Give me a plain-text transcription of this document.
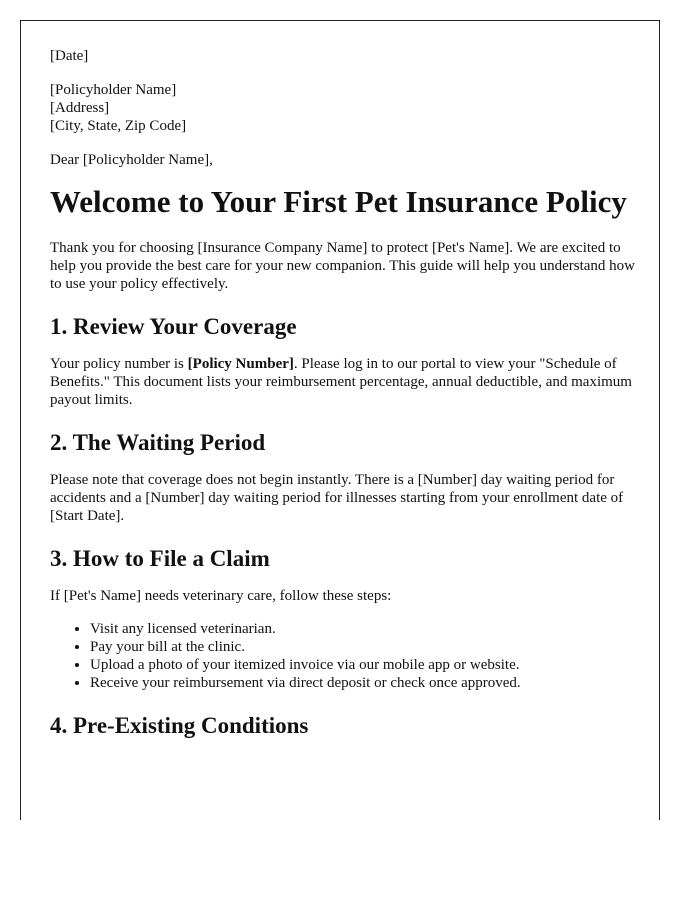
[Date]

[Policyholder Name]

[Address]

[City, State, Zip Code]

Dear [Policyholder Name],

Welcome to Your First Pet Insurance Policy

Thank you for choosing [Insurance Company Name] to protect [Pet's Name]. We are excited to help you provide the best care for your new companion. This guide will help you understand how to use your policy effectively.

1. Review Your Coverage

Your policy number is [Policy Number]. Please log in to our portal to view your "Schedule of Benefits." This document lists your reimbursement percentage, annual deductible, and maximum payout limits.

2. The Waiting Period

Please note that coverage does not begin instantly. There is a [Number] day waiting period for accidents and a [Number] day waiting period for illnesses starting from your enrollment date of [Start Date].

3. How to File a Claim

If [Pet's Name] needs veterinary care, follow these steps:

• Visit any licensed veterinarian.
• Pay your bill at the clinic.
• Upload a photo of your itemized invoice via our mobile app or website.
• Receive your reimbursement via direct deposit or check once approved.
4. Pre-Existing Conditions
